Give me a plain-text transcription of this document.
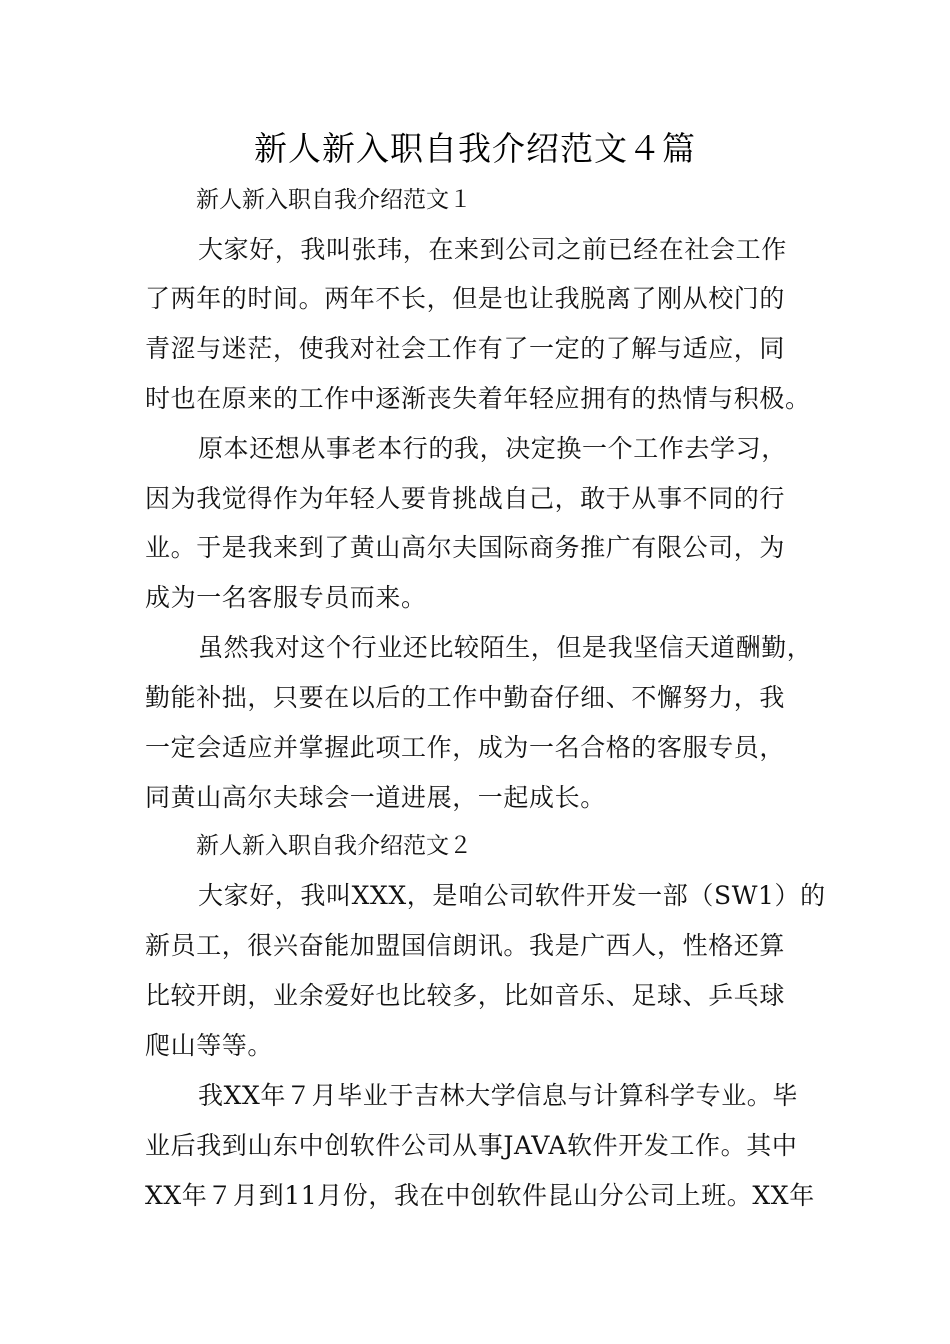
新人新入职自我介绍范文４篇
新人新入职自我介绍范文１
大家好，我叫张玮，在来到公司之前已经在社会工作
了两年的时间。两年不长，但是也让我脱离了刚从校门的
青涩与迷茫，使我对社会工作有了一定的了解与适应，同
时也在原来的工作中逐渐丧失着年轻应拥有的热情与积极。
原本还想从事老本行的我，决定换一个工作去学习，
因为我觉得作为年轻人要肯挑战自己，敢于从事不同的行
业。于是我来到了黄山高尔夫国际商务推广有限公司，为
成为一名客服专员而来。
虽然我对这个行业还比较陌生，但是我坚信天道酬勤，
勤能补拙，只要在以后的工作中勤奋仔细、不懈努力，我
一定会适应并掌握此项工作，成为一名合格的客服专员，
同黄山高尔夫球会一道进展，一起成长。
新人新入职自我介绍范文２
大家好，我叫XXX，是咱公司软件开发一部（SW1）的
新员工，很兴奋能加盟国信朗讯。我是广西人，性格还算
比较开朗，业余爱好也比较多，比如音乐、足球、乒乓球
爬山等等。
我XX年７月毕业于吉林大学信息与计算科学专业。毕
业后我到山东中创软件公司从事JAVA软件开发工作。其中
XX年７月到11月份，我在中创软件昆山分公司上班。XX年
